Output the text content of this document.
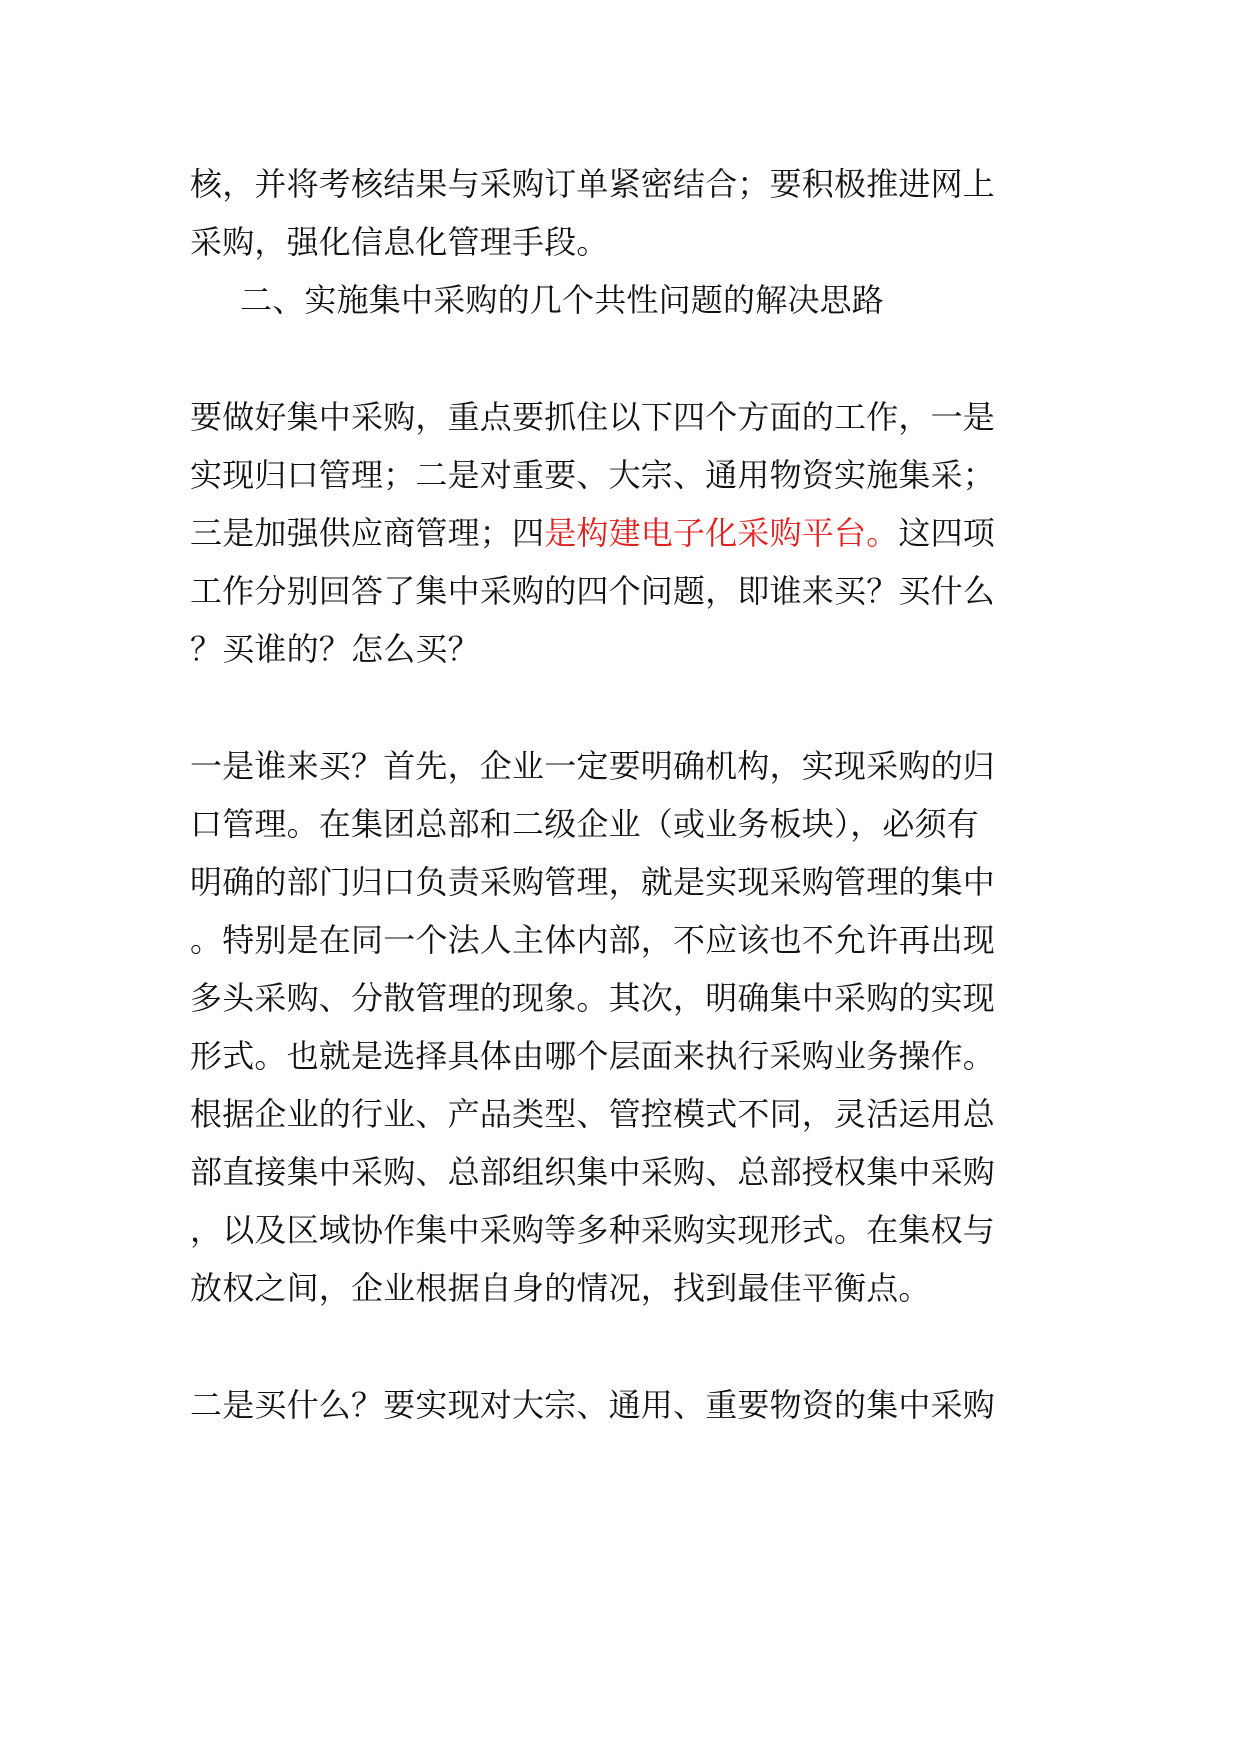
核，并将考核结果与采购订单紧密结合；要积极推进网上
采购，强化信息化管理手段。
二、实施集中采购的几个共性问题的解决思路
要做好集中采购，重点要抓住以下四个方面的工作，一是
实现归口管理；二是对重要、大宗、通用物资实施集采；
三是加强供应商管理；四是构建电子化采购平台。这四项
工作分别回答了集中采购的四个问题，即谁来买？买什么
？买谁的？怎么买？
一是谁来买？首先，企业一定要明确机构，实现采购的归
口管理。在集团总部和二级企业（或业务板块），必须有
明确的部门归口负责采购管理，就是实现采购管理的集中
。特别是在同一个法人主体内部，不应该也不允许再出现
多头采购、分散管理的现象。其次，明确集中采购的实现
形式。也就是选择具体由哪个层面来执行采购业务操作。
根据企业的行业、产品类型、管控模式不同，灵活运用总
部直接集中采购、总部组织集中采购、总部授权集中采购
，以及区域协作集中采购等多种采购实现形式。在集权与
放权之间，企业根据自身的情况，找到最佳平衡点。
二是买什么？要实现对大宗、通用、重要物资的集中采购
